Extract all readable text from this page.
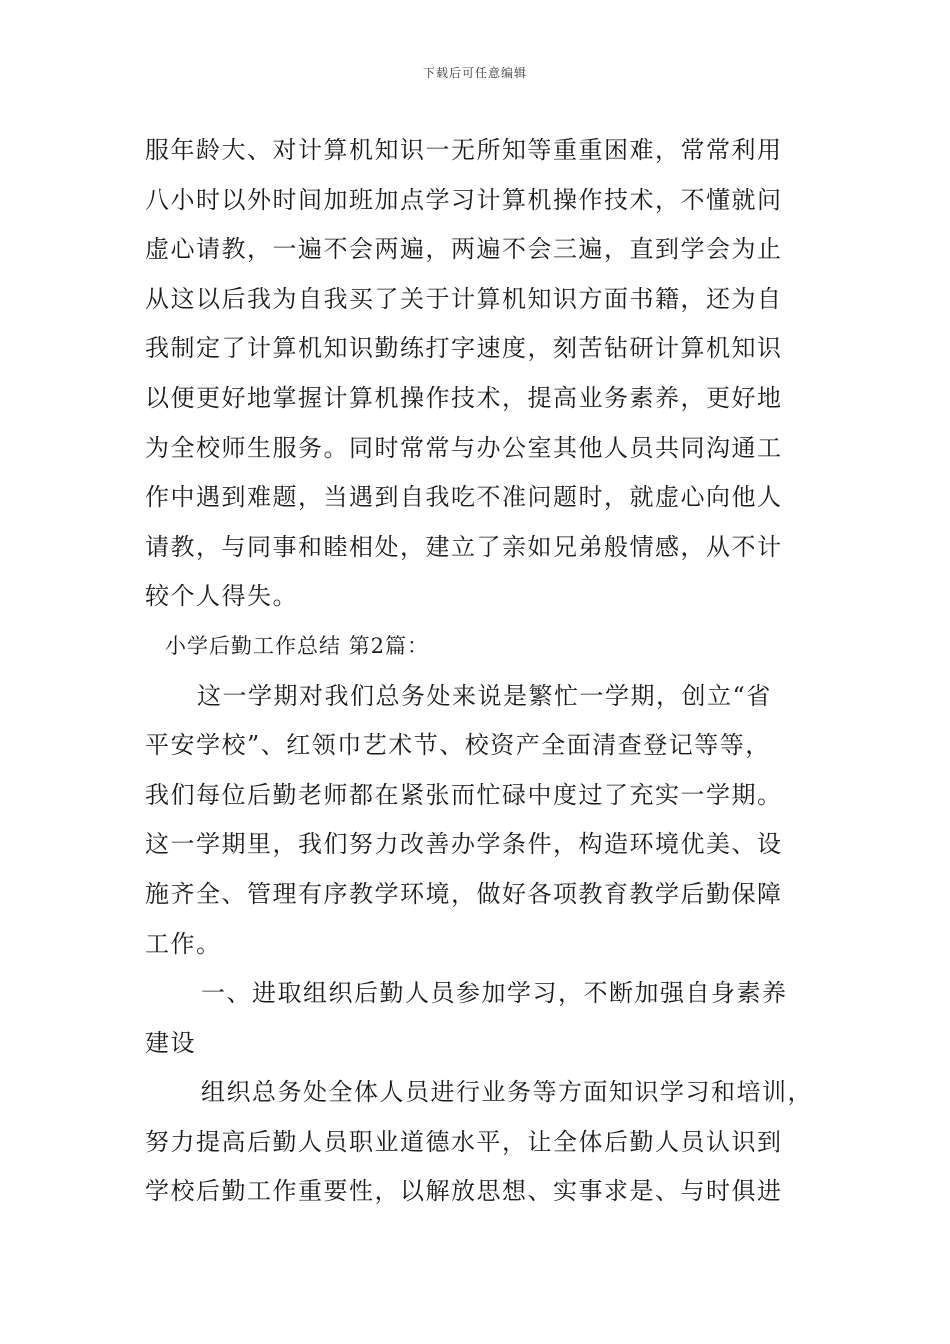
下载后可任意编辑
服年龄大、对计算机知识一无所知等重重困难，常常利用
八小时以外时间加班加点学习计算机操作技术，不懂就问
虚心请教，一遍不会两遍，两遍不会三遍，直到学会为止
从这以后我为自我买了关于计算机知识方面书籍，还为自
我制定了计算机知识勤练打字速度，刻苦钻研计算机知识
以便更好地掌握计算机操作技术，提高业务素养，更好地
为全校师生服务。同时常常与办公室其他人员共同沟通工
作中遇到难题，当遇到自我吃不准问题时，就虚心向他人
请教，与同事和睦相处，建立了亲如兄弟般情感，从不计
较个人得失。
小学后勤工作总结 第2篇：
这一学期对我们总务处来说是繁忙一学期，创立“省
平安学校”、红领巾艺术节、校资产全面清查登记等等，
我们每位后勤老师都在紧张而忙碌中度过了充实一学期。
这一学期里，我们努力改善办学条件，构造环境优美、设
施齐全、管理有序教学环境，做好各项教育教学后勤保障
工作。
一、进取组织后勤人员参加学习，不断加强自身素养
建设
组织总务处全体人员进行业务等方面知识学习和培训，
努力提高后勤人员职业道德水平，让全体后勤人员认识到
学校后勤工作重要性，以解放思想、实事求是、与时俱进
